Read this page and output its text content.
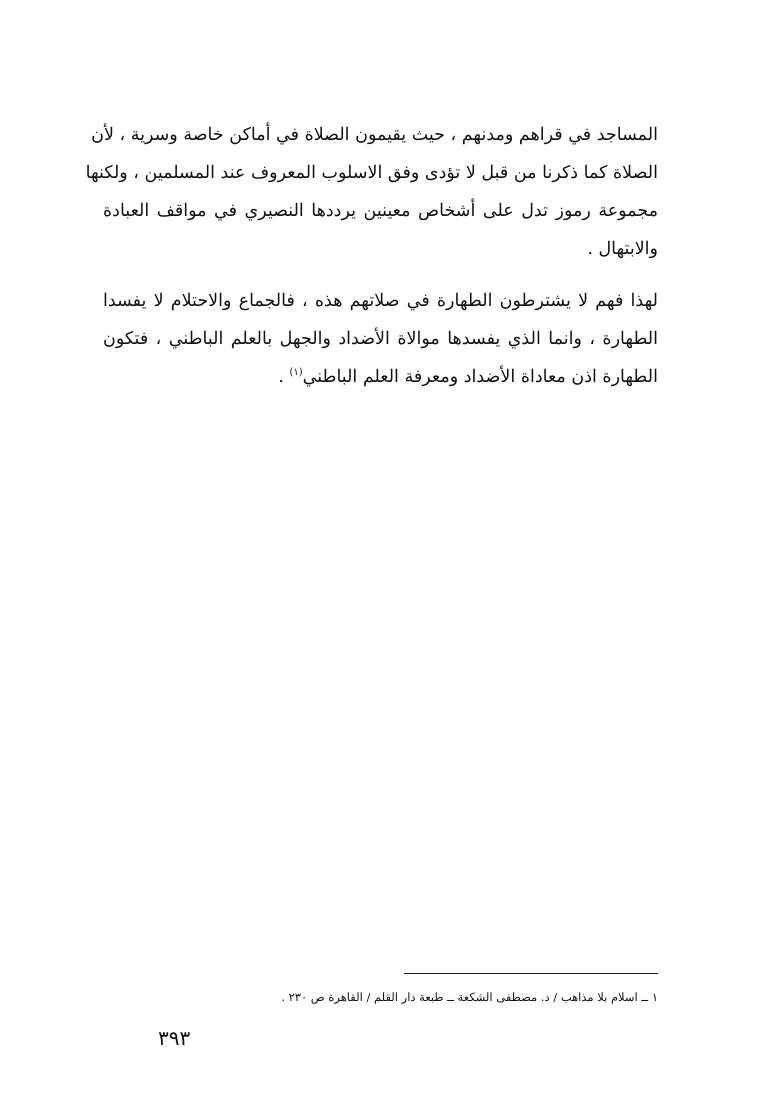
المساجد في قراهم ومدنهم ، حيث يقيمون الصلاة في أماكن خاصة وسرية ، لأن
الصلاة كما ذكرنا من قبل لا تؤدى وفق الاسلوب المعروف عند المسلمين ، ولكنها
مجموعة رموز تدل على أشخاص معينين يرددها النصيري في مواقف العبادة
والابتهال .

لهذا فهم لا يشترطون الطهارة في صلاتهم هذه ، فالجماع والاحتلام لا يفسدا
الطهارة ، وانما الذي يفسدها موالاة الأضداد والجهل بالعلم الباطني ، فتكون
الطهارة اذن معاداة الأضداد ومعرفة العلم الباطني$^{(١)}$ .

١ ــ اسلام بلا مذاهب / د. مصطفى الشكعة ــ طبعة دار القلم / القاهرة ص ٢٣٠ .

٣٩٣
